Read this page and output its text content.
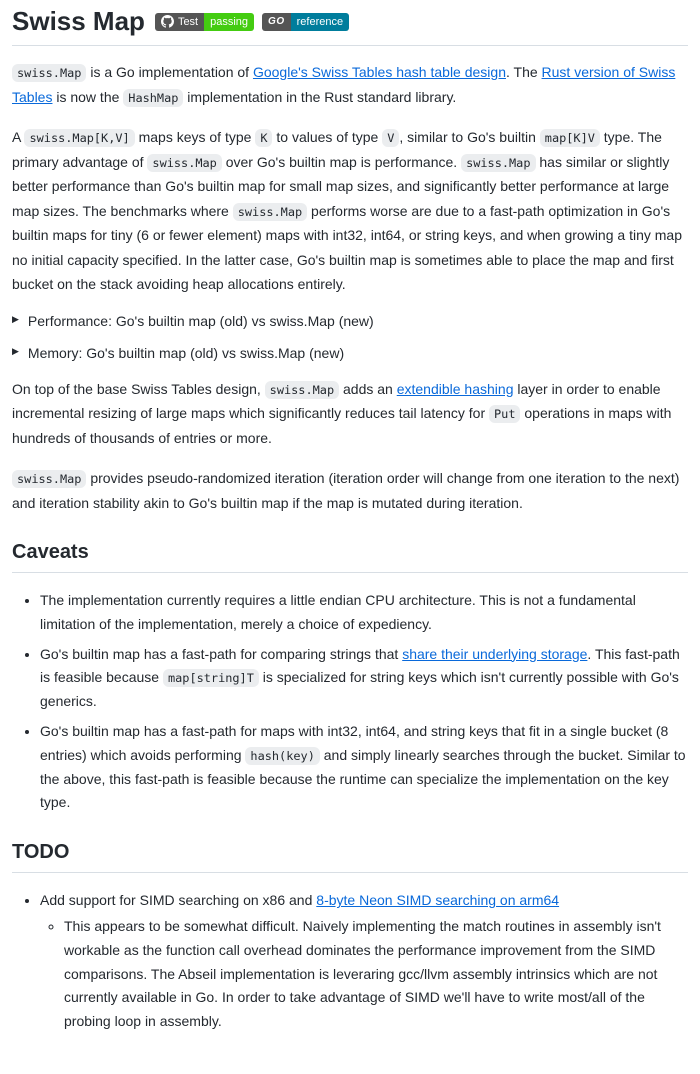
Swiss Map	Test	passing	GO	reference

swiss.Map is a Go implementation of Google's Swiss Tables hash table design. The Rust version of Swiss Tables is now the HashMap implementation in the Rust standard library.

A swiss.Map[K,V] maps keys of type K to values of type V , similar to Go's builtin map[K]V type. The primary advantage of swiss.Map over Go's builtin map is performance. swiss.Map has similar or slightly better performance than Go's builtin map for small map sizes, and significantly better performance at large map sizes. The benchmarks where swiss.Map performs worse are due to a fast-path optimization in Go's builtin maps for tiny (6 or fewer element) maps with int32, int64, or string keys, and when growing a tiny map no initial capacity specified. In the latter case, Go's builtin map is sometimes able to place the map and first bucket on the stack avoiding heap allocations entirely.

▶ Performance: Go's builtin map (old) vs swiss.Map (new)
▶ Memory: Go's builtin map (old) vs swiss.Map (new)

On top of the base Swiss Tables design, swiss.Map adds an extendible hashing layer in order to enable incremental resizing of large maps which significantly reduces tail latency for Put operations in maps with hundreds of thousands of entries or more.

swiss.Map provides pseudo-randomized iteration (iteration order will change from one iteration to the next) and iteration stability akin to Go's builtin map if the map is mutated during iteration.

Caveats
• The implementation currently requires a little endian CPU architecture. This is not a fundamental limitation of the implementation, merely a choice of expediency.
• Go's builtin map has a fast-path for comparing strings that share their underlying storage. This fast-path is feasible because map[string]T is specialized for string keys which isn't currently possible with Go's generics.
• Go's builtin map has a fast-path for maps with int32, int64, and string keys that fit in a single bucket (8 entries) which avoids performing hash(key) and simply linearly searches through the bucket. Similar to the above, this fast-path is feasible because the runtime can specialize the implementation on the key type.
TODO
• Add support for SIMD searching on x86 and 8-byte Neon SIMD searching on arm64
◦ This appears to be somewhat difficult. Naively implementing the match routines in assembly isn't workable as the function call overhead dominates the performance improvement from the SIMD comparisons. The Abseil implementation is leveraring gcc/llvm assembly intrinsics which are not currently available in Go. In order to take advantage of SIMD we'll have to write most/all of the probing loop in assembly.
